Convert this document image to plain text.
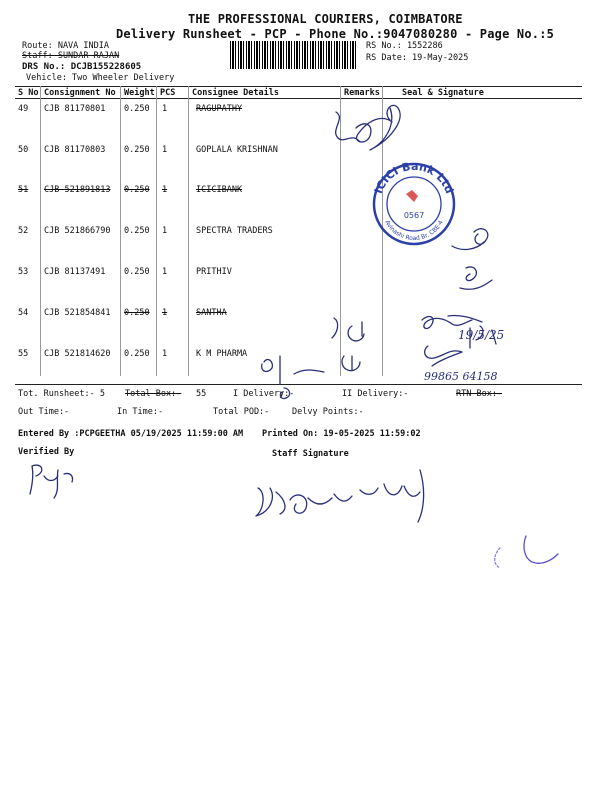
THE PROFESSIONAL COURIERS, COIMBATORE
Delivery Runsheet - PCP - Phone No.:9047080280 - Page No.:5
Route: NAVA INDIA
Staff: SUNDAR RAJAN
DRS No.: DCJB155228605
Vehicle: Two Wheeler Delivery
RS No.: 1552286
RS Date: 19-May-2025
S No Consignment No Weight PCS Consignee Details	Remarks	Seal & Signature
49 CJB 81170801 0.250 1	RAGUPATHY
50 CJB 81170803 0.250 1	GOPLALA KRISHNAN
51 CJB 521891813 0.250 1	ICICIBANK
52 CJB 521866790 0.250 1	SPECTRA TRADERS
53 CJB 81137491 0.250 1	PRITHIV
54 CJB 521854841 0.250 1	SANTHA
55 CJB 521814620 0.250 1	K M PHARMA
Tot. Runsheet:- 5 Total Box:- 55	I Delivery:-	II Delivery:-	RTN Box:-
Out Time:-	In Time:-	Total POD:-	Delvy Points:-
Entered By :PCPGEETHA 05/19/2025 11:59:00 AM Printed On: 19-05-2025 11:59:02
Verified By	Staff Signature
ICICI Bank Ltd
Avinashi Road Br. CBE-4
0567
19/5/25
99865 64158
